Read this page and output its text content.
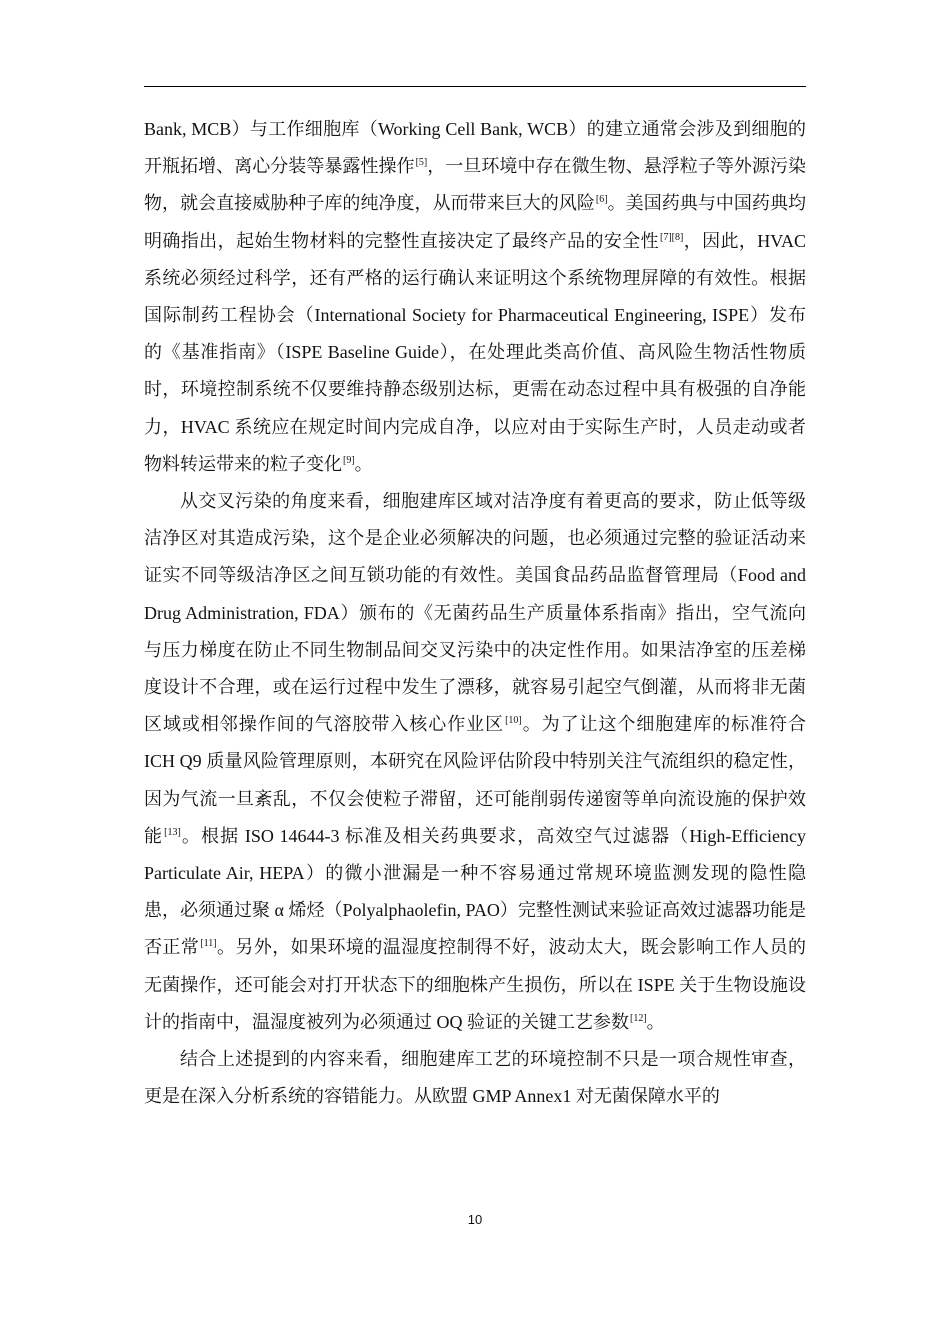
Bank, MCB）与工作细胞库（Working Cell Bank, WCB）的建立通常会涉及到细胞的开瓶拓增、离心分装等暴露性操作[5]，一旦环境中存在微生物、悬浮粒子等外源污染物，就会直接威胁种子库的纯净度，从而带来巨大的风险[6]。美国药典与中国药典均明确指出，起始生物材料的完整性直接决定了最终产品的安全性[7][8]，因此，HVAC 系统必须经过科学，还有严格的运行确认来证明这个系统物理屏障的有效性。根据国际制药工程协会（International Society for Pharmaceutical Engineering, ISPE）发布的《基准指南》（ISPE Baseline Guide），在处理此类高价值、高风险生物活性物质时，环境控制系统不仅要维持静态级别达标，更需在动态过程中具有极强的自净能力，HVAC 系统应在规定时间内完成自净，以应对由于实际生产时，人员走动或者物料转运带来的粒子变化[9]。

从交叉污染的角度来看，细胞建库区域对洁净度有着更高的要求，防止低等级洁净区对其造成污染，这个是企业必须解决的问题，也必须通过完整的验证活动来证实不同等级洁净区之间互锁功能的有效性。美国食品药品监督管理局（Food and Drug Administration, FDA）颁布的《无菌药品生产质量体系指南》指出，空气流向与压力梯度在防止不同生物制品间交叉污染中的决定性作用。如果洁净室的压差梯度设计不合理，或在运行过程中发生了漂移，就容易引起空气倒灌，从而将非无菌区域或相邻操作间的气溶胶带入核心作业区[10]。为了让这个细胞建库的标准符合 ICH Q9 质量风险管理原则，本研究在风险评估阶段中特别关注气流组织的稳定性，因为气流一旦紊乱，不仅会使粒子滞留，还可能削弱传递窗等单向流设施的保护效能[13]。根据 ISO 14644-3 标准及相关药典要求，高效空气过滤器（High-Efficiency Particulate Air, HEPA）的微小泄漏是一种不容易通过常规环境监测发现的隐性隐患，必须通过聚 α 烯烃（Polyalphaolefin, PAO）完整性测试来验证高效过滤器功能是否正常[11]。另外，如果环境的温湿度控制得不好，波动太大，既会影响工作人员的无菌操作，还可能会对打开状态下的细胞株产生损伤，所以在 ISPE 关于生物设施设计的指南中，温湿度被列为必须通过 OQ 验证的关键工艺参数[12]。

结合上述提到的内容来看，细胞建库工艺的环境控制不只是一项合规性审查，更是在深入分析系统的容错能力。从欧盟 GMP Annex1 对无菌保障水平的

10
